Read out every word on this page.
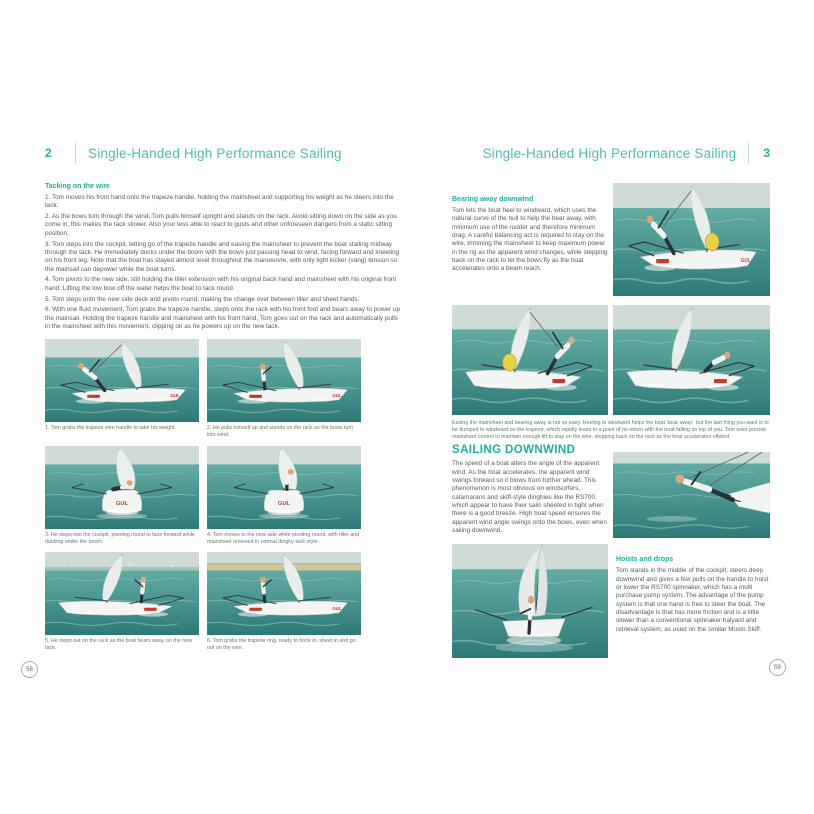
2	Single-Handed High Performance Sailing
Tacking on the wire

1. Tom moves his front hand onto the trapeze handle, holding the mainsheet and supporting his weight as he steers into the tack.

2. As the bows turn through the wind, Tom pulls himself upright and stands on the rack. Avoid sitting down on the side as you come in, this makes the tack slower. Also your less able to react to gusts and other unforeseen dangers from a static sitting position.

3. Tom steps into the cockpit, letting go of the trapeze handle and easing the mainsheet to prevent the boat stalling midway through the tack. He immediately ducks under the boom with the bows just passing head to wind, facing forward and kneeling on his front leg. Note that the boat has stayed almost level throughout the manoeuvre, with only light kicker (vang) tension so the mainsail can depower while the boat turns.

4. Tom pivots to the new side, still holding the tiller extension with his original back hand and mainsheet with his original front hand. Lifting the low bow off the water helps the boat to tack round.

5. Tom steps onto the new side deck and pivots round, making the change over between tiller and sheet hands.

6. With one fluid movement, Tom grabs the trapeze handle, steps onto the rack with his front foot and bears away to power up the mainsail. Holding the trapeze handle and mainsheet with his front hand, Tom goes out on the rack and automatically pulls in the mainsheet with this movement, clipping on as he powers up on the new tack.

GUL
1. Tom grabs the trapeze wire handle to take his weight.
GUL
2. He pulls himself up and stands on the rack as the bows turn into wind.
GUL
3. He steps into the cockpit, pivoting round to face forward while ducking under the boom.
GUL
4. Tom moves to the new side while pivoting round, with tiller and mainsheet reversed in normal dinghy tack style.
5. He steps out on the rack as the boat bears away on the new tack.
GUL
6. Tom grabs the trapeze ring, ready to hook in, sheet in and go out on the wire.
Single-Handed High Performance Sailing 3
Bearing away downwind
Tom lets the boat heel to windward, which uses the natural curve of the hull to help the bear away, with minimum use of the rudder and therefore minimum drag. A careful balancing act is required to stay on the wire, trimming the mainsheet to keep maximum power in the rig as the apparent wind changes, while stepping back on the rack to let the bows fly as the boat accelerates onto a beam reach.
GUL
Easing the mainsheet and bearing away is not so easy. Heeling to windward helps the boat 'bear away', but the last thing you want is to be dumped to windward on the trapeze, which rapidly leads to a point of no return with the boat falling on top of you. Tom uses precise mainsheet control to maintain enough lift to stay on the wire, stepping back on the rack as the boat accelerates offwind.
SAILING DOWNWIND
The speed of a boat alters the angle of the apparent wind. As the boat accelerates, the apparent wind swings forward so it blows from further ahead. This phenomenon is most obvious on windsurfers, catamarans and skiff-style dinghies like the RS700, which appear to have their sails sheeted in tight when there is a good breeze. High boat speed ensures the apparent wind angle swings onto the bows, even when sailing downwind.
Hoists and drops
Tom stands in the middle of the cockpit, steers deep downwind and gives a few pulls on the handle to hoist or lower the RS700 spinnaker, which has a multi purchase pump system. The advantage of the pump system is that one hand is free to steer the boat. The disadvantage is that has more friction and is a little slower than a conventional spinnaker halyard and retrieval system, as used on the similar Musto Skiff.
58	59
